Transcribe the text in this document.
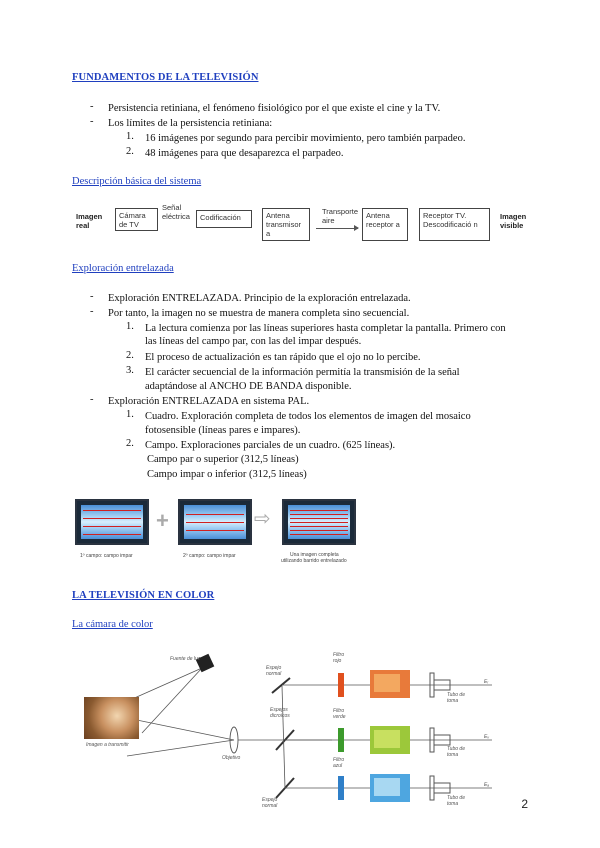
FUNDAMENTOS DE LA TELEVISIÓN
- Persistencia retiniana, el fenómeno fisiológico por el que existe el cine y la TV.
- Los límites de la persistencia retiniana:
1. 16 imágenes por segundo para percibir movimiento, pero también parpadeo.
2. 48 imágenes para que desaparezca el parpadeo.
Descripción básica del sistema
Imagen real
Cámara de TV
Señal eléctrica	Codificación	Antena transmisor a
Transporte aire
Antena receptor a
Receptor TV. Descodificació n
Imagen visible
Exploración entrelazada
- Exploración ENTRELAZADA. Principio de la exploración entrelazada.
- Por tanto, la imagen no se muestra de manera completa sino secuencial.
1. La lectura comienza por las líneas superiores hasta completar la pantalla. Primero con
las líneas del campo par, con las del impar después.
2. El proceso de actualización es tan rápido que el ojo no lo percibe.
3. El carácter secuencial de la información permitía la transmisión de la señal
adaptándose al ANCHO DE BANDA disponible.
- Exploración ENTRELAZADA en sistema PAL.
1. Cuadro. Exploración completa de todos los elementos de imagen del mosaico
fotosensible (líneas pares e impares).
2. Campo. Exploraciones parciales de un cuadro. (625 líneas).
Campo par o superior (312,5 líneas)
Campo impar o inferior (312,5 líneas)
1º campo: campo impar
+
2º campo: campo impar
⇨
Una imagen completa
utilizando barrido entrelazado
LA TELEVISIÓN EN COLOR
La cámara de color
Fuente de luz
Espejo normal
Espejos dicroicos
Espejo normal
Objetivo
Imagen a transmitir
Filtro rojo
Filtro verde
Filtro azul
Tubo de toma
Tubo de toma
Tubo de toma
Eᵣ
Eᵥ
Eₐ
2
